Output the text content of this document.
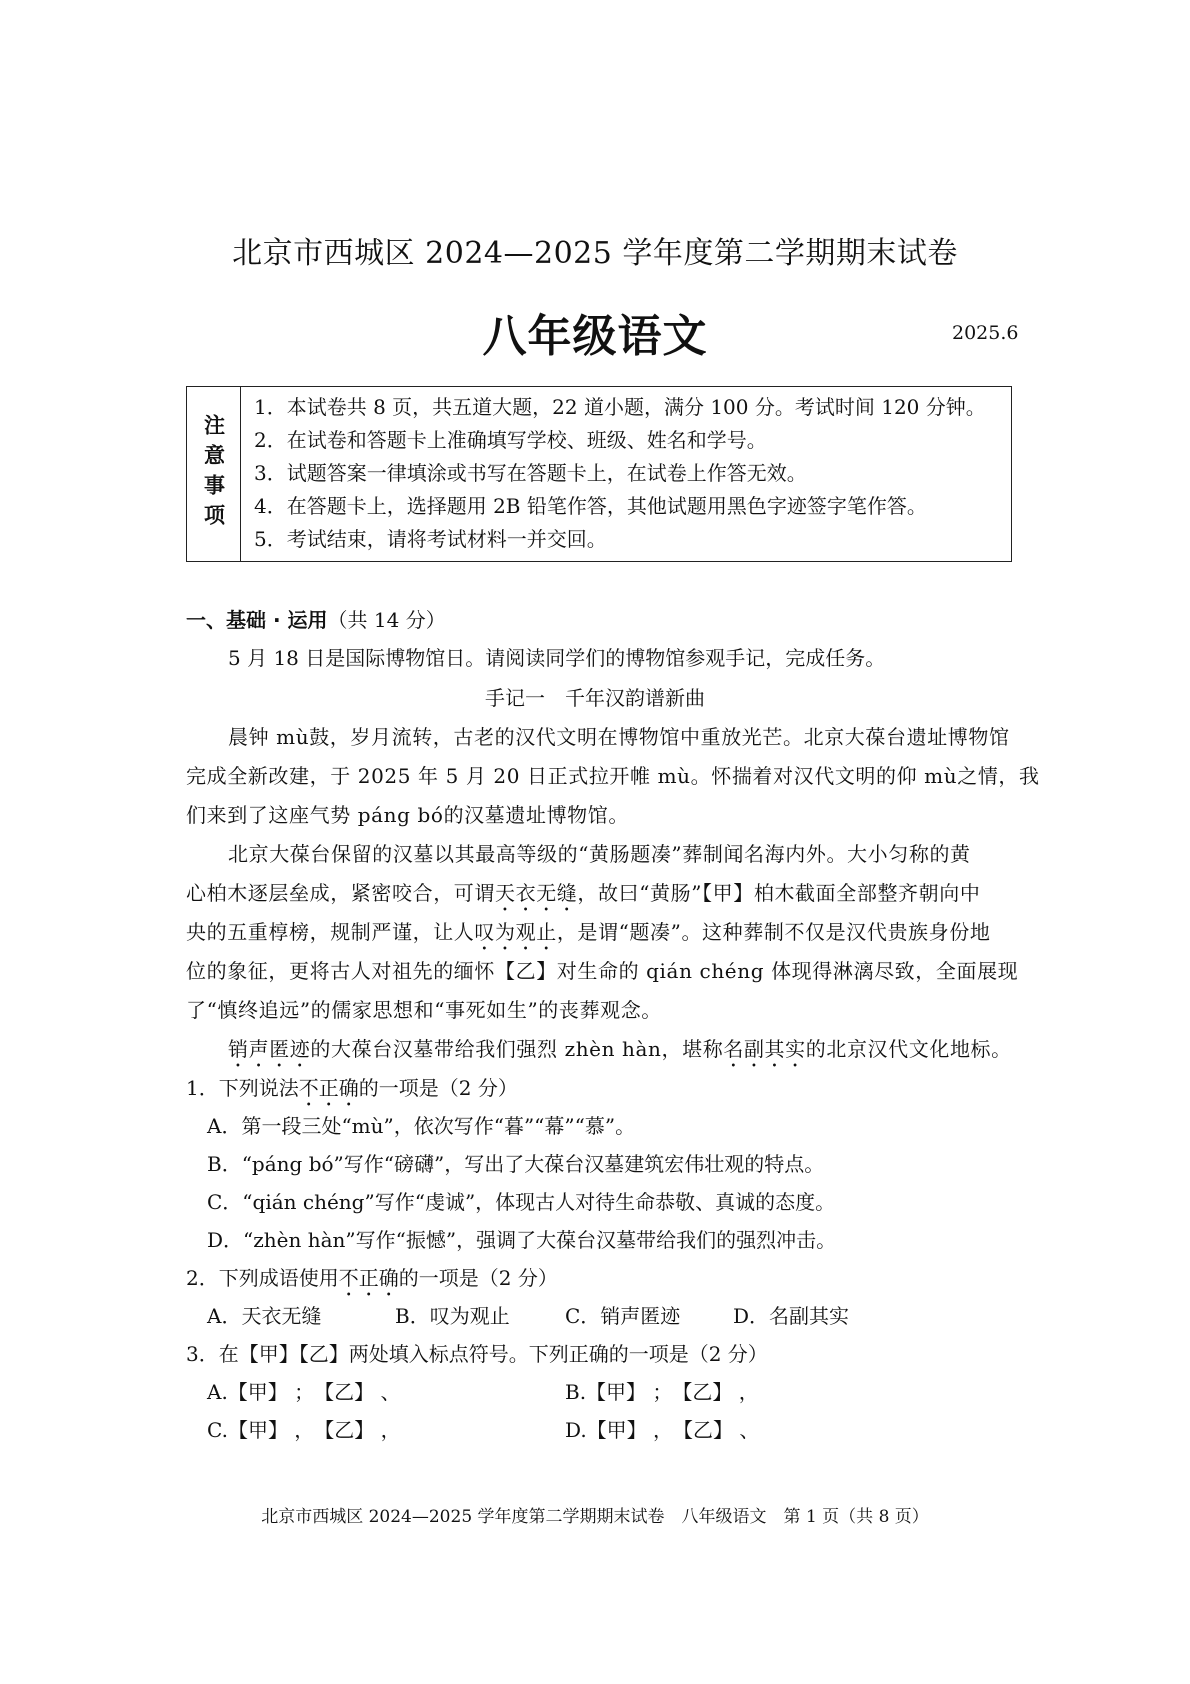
北京市西城区 2024—2025 学年度第二学期期末试卷
八年级语文	2025.6
注意事项
1．本试卷共 8 页，共五道大题，22 道小题，满分 100 分。考试时间 120 分钟。
2．在试卷和答题卡上准确填写学校、班级、姓名和学号。
3．试题答案一律填涂或书写在答题卡上，在试卷上作答无效。
4．在答题卡上，选择题用 2B 铅笔作答，其他试题用黑色字迹签字笔作答。
5．考试结束，请将考试材料一并交回。
一、基础 · 运用（共 14 分）
5 月 18 日是国际博物馆日。请阅读同学们的博物馆参观手记，完成任务。
手记一　千年汉韵谱新曲
晨钟 mù鼓，岁月流转，古老的汉代文明在博物馆中重放光芒。北京大葆台遗址博物馆
完成全新改建，于 2025 年 5 月 20 日正式拉开帷 mù。怀揣着对汉代文明的仰 mù之情，我
们来到了这座气势 páng bó的汉墓遗址博物馆。
北京大葆台保留的汉墓以其最高等级的“黄肠题凑”葬制闻名海内外。大小匀称的黄
心柏木逐层垒成，紧密咬合，可谓天衣无缝，故曰“黄肠”【甲】柏木截面全部整齐朝向中
央的五重椁榜，规制严谨，让人叹为观止，是谓“题凑”。这种葬制不仅是汉代贵族身份地
位的象征，更将古人对祖先的缅怀【乙】对生命的 qián chéng 体现得淋漓尽致，全面展现
了“慎终追远”的儒家思想和“事死如生”的丧葬观念。
销声匿迹的大葆台汉墓带给我们强烈 zhèn hàn，堪称名副其实的北京汉代文化地标。
1．下列说法不正确的一项是（2 分）
A．第一段三处“mù”，依次写作“暮”“幕”“慕”。
B．“páng bó”写作“磅礴”，写出了大葆台汉墓建筑宏伟壮观的特点。
C．“qián chéng”写作“虔诚”，体现古人对待生命恭敬、真诚的态度。
D．“zhèn hàn”写作“振憾”，强调了大葆台汉墓带给我们的强烈冲击。
2．下列成语使用不正确的一项是（2 分）
A．天衣无缝	B．叹为观止	C．销声匿迹	D．名副其实
3．在【甲】【乙】两处填入标点符号。下列正确的一项是（2 分）
A.【甲】 ；　【乙】 、	B.【甲】 ；　【乙】 ，
C.【甲】 ，　【乙】 ，	D.【甲】 ，　【乙】 、
北京市西城区 2024—2025 学年度第二学期期末试卷　八年级语文　第 1 页（共 8 页）
